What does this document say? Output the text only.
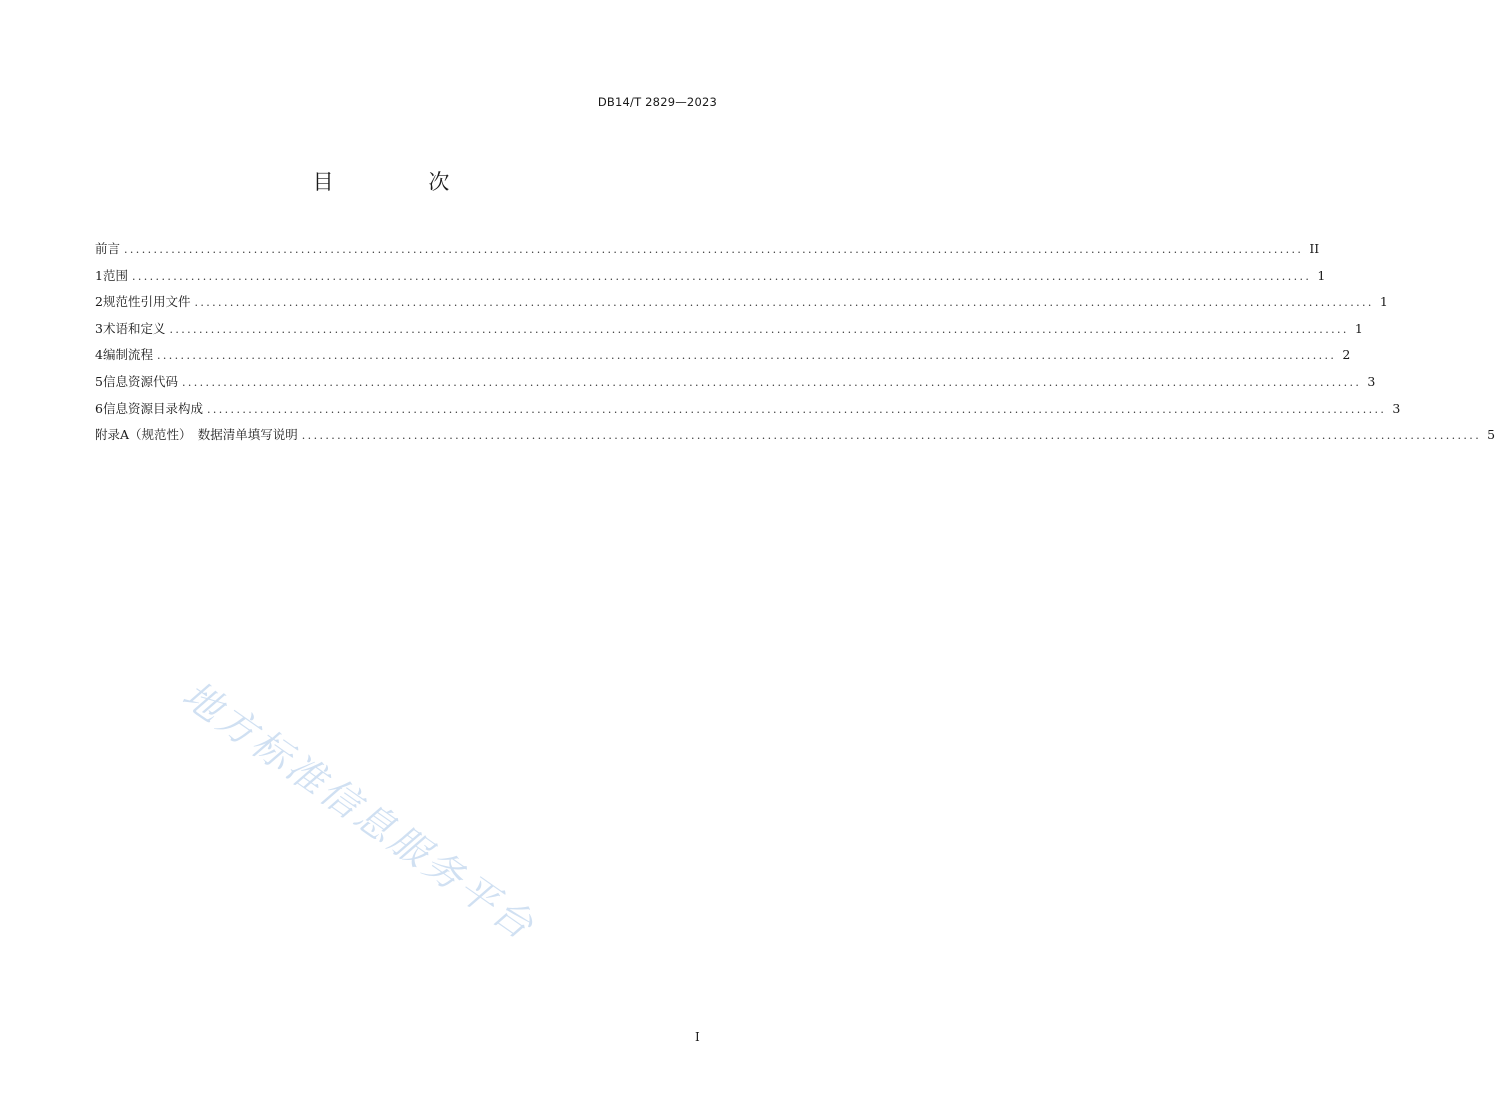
DB14/T 2829—2023
目 次
前言 ........................................................................................................................................................................................................ II
1 范围 ........................................................................................................................................................................................................ 1
2 规范性引用文件 ........................................................................................................................................................................................................ 1
3 术语和定义 ........................................................................................................................................................................................................ 1
4 编制流程 ........................................................................................................................................................................................................ 2
5 信息资源代码 ........................................................................................................................................................................................................ 3
6 信息资源目录构成 ........................................................................................................................................................................................................ 3
附录A（规范性）　数据清单填写说明 ........................................................................................................................................................................................................ 5
地方标准信息服务平台
I
